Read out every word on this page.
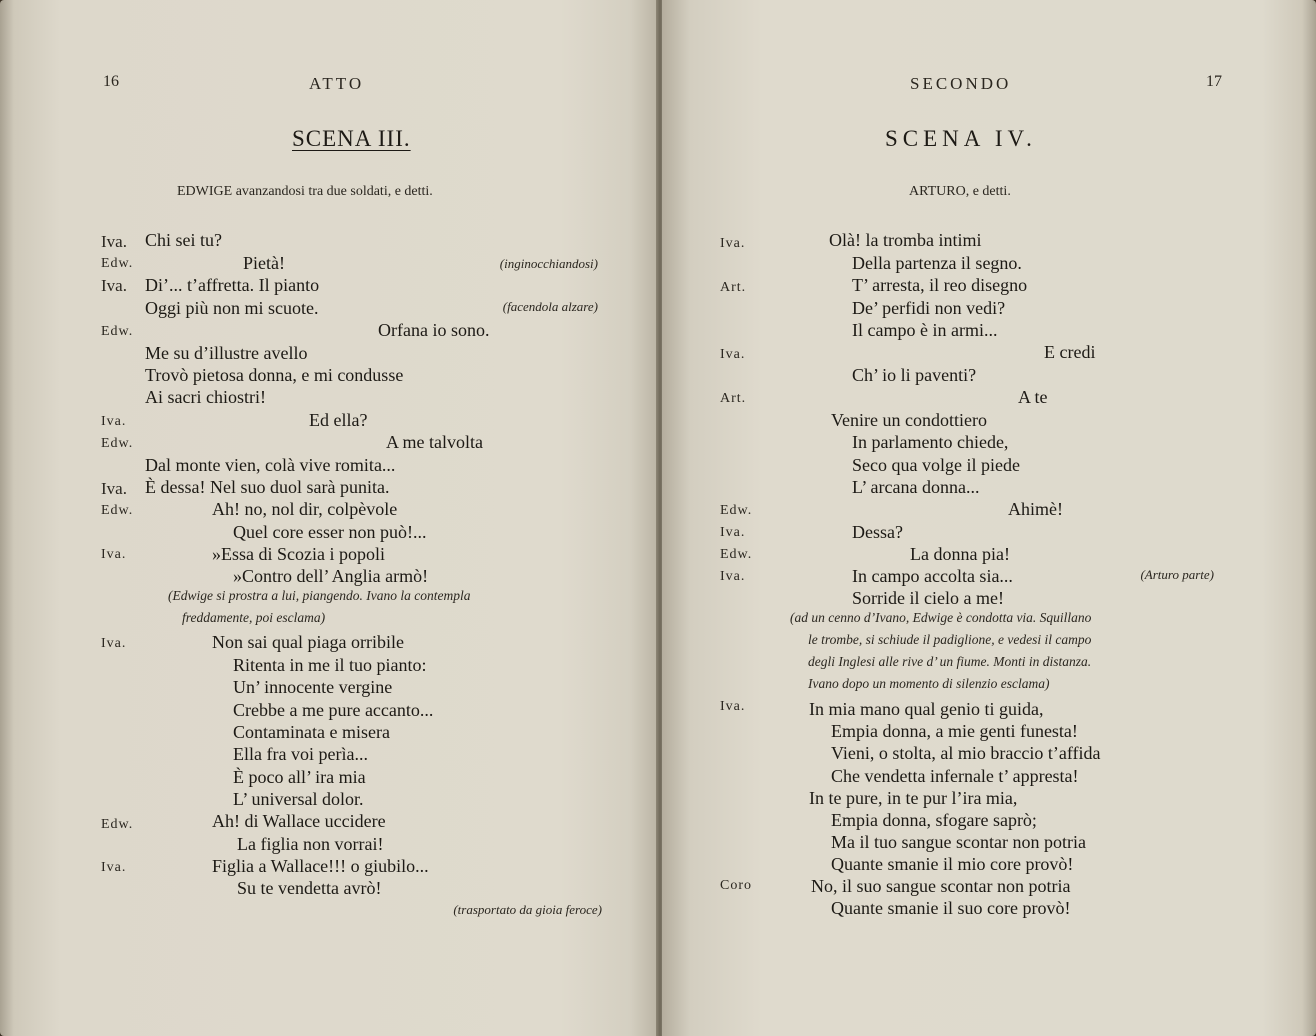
16	ATTO
SCENA III.
EDWIGE avanzandosi tra due soldati, e detti.
Iva.
Edw.
Iva.
Edw.
Iva.
Edw.
Iva.
Edw.
Iva.
Iva.
Edw.
Iva.
Chi sei tu?
Pietà!
Di’... t’affretta. Il pianto
Oggi più non mi scuote.
Orfana io sono.
Me su d’illustre avello
Trovò pietosa donna, e mi condusse
Ai sacri chiostri!
Ed ella?
A me talvolta
Dal monte vien, colà vive romita...
È dessa! Nel suo duol sarà punita.
Ah! no, nol dir, colpèvole
Quel core esser non può!...
»Essa di Scozia i popoli
»Contro dell’ Anglia armò!
(Edwige si prostra a lui, piangendo. Ivano la contempla
freddamente, poi esclama)
Non sai qual piaga orribile
Ritenta in me il tuo pianto:
Un’ innocente vergine
Crebbe a me pure accanto...
Contaminata e misera
Ella fra voi perìa...
È poco all’ ira mia
L’ universal dolor.
Ah! di Wallace uccidere
La figlia non vorrai!
Figlia a Wallace!!! o giubilo...
Su te vendetta avrò!
(inginocchiandosi)
(facendola alzare)
(trasportato da gioia feroce)
SECONDO	17
SCENA IV.
ARTURO, e detti.
Iva.
Art.
Iva.
Art.
Edw.
Iva.
Edw.
Iva.
Iva.
Coro
Olà! la tromba intimi
Della partenza il segno.
T’ arresta, il reo disegno
De’ perfidi non vedi?
Il campo è in armi...
E credi
Ch’ io li paventi?
A te
Venire un condottiero
In parlamento chiede,
Seco qua volge il piede
L’ arcana donna...
Ahimè!
Dessa?
La donna pia!
In campo accolta sia...
Sorride il cielo a me!
(ad un cenno d’Ivano, Edwige è condotta via. Squillano
le trombe, si schiude il padiglione, e vedesi il campo
degli Inglesi alle rive d’ un fiume. Monti in distanza.
Ivano dopo un momento di silenzio esclama)
In mia mano qual genio ti guida,
Empia donna, a mie genti funesta!
Vieni, o stolta, al mio braccio t’affida
Che vendetta infernale t’ appresta!
In te pure, in te pur l’ira mia,
Empia donna, sfogare saprò;
Ma il tuo sangue scontar non potria
Quante smanie il mio core provò!
No, il suo sangue scontar non potria
Quante smanie il suo core provò!
(Arturo parte)
